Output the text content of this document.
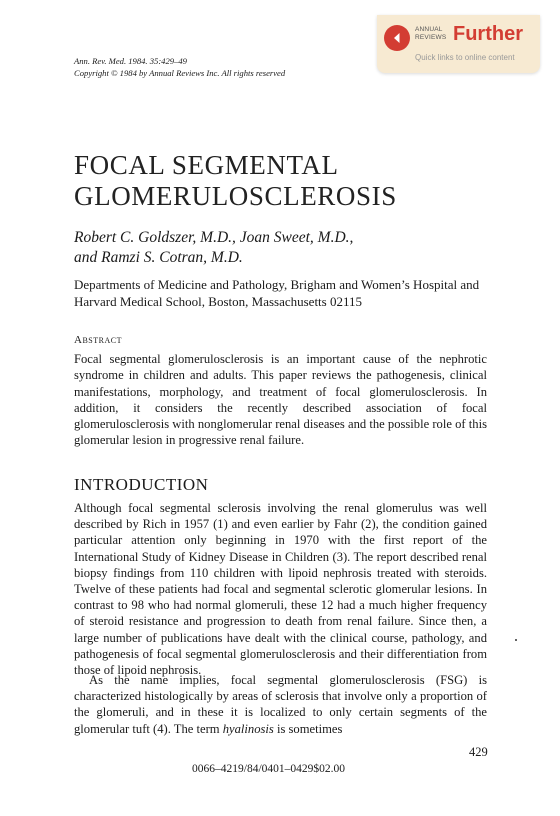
Ann. Rev. Med. 1984. 35:429–49
Copyright © 1984 by Annual Reviews Inc. All rights reserved
ANNUAL
REVIEWS Further
Quick links to online content
FOCAL SEGMENTAL
GLOMERULOSCLEROSIS
Robert C. Goldszer, M.D., Joan Sweet, M.D.,
and Ramzi S. Cotran, M.D.
Departments of Medicine and Pathology, Brigham and Women’s Hospital and Harvard Medical School, Boston, Massachusetts 02115
Abstract

Focal segmental glomerulosclerosis is an important cause of the nephrotic syndrome in children and adults. This paper reviews the pathogenesis, clinical manifestations, morphology, and treatment of focal glomerulosclerosis. In addition, it considers the recently described association of focal glomerulosclerosis with nonglomerular renal diseases and the possible role of this glomerular lesion in progressive renal failure.

INTRODUCTION

Although focal segmental sclerosis involving the renal glomerulus was well described by Rich in 1957 (1) and even earlier by Fahr (2), the condition gained particular attention only beginning in 1970 with the first report of the International Study of Kidney Disease in Children (3). The report described renal biopsy findings from 110 children with lipoid nephrosis treated with steroids. Twelve of these patients had focal and segmental sclerotic glomerular lesions. In contrast to 98 who had normal glomeruli, these 12 had a much higher frequency of steroid resistance and progression to death from renal failure. Since then, a large number of publications have dealt with the clinical course, pathology, and pathogenesis of focal segmental glomerulosclerosis and their differentiation from those of lipoid nephrosis.

As the name implies, focal segmental glomerulosclerosis (FSG) is characterized histologically by areas of sclerosis that involve only a proportion of the glomeruli, and in these it is localized to only certain segments of the glomerular tuft (4). The term hyalinosis is sometimes

429
0066–4219/84/0401–0429$02.00
